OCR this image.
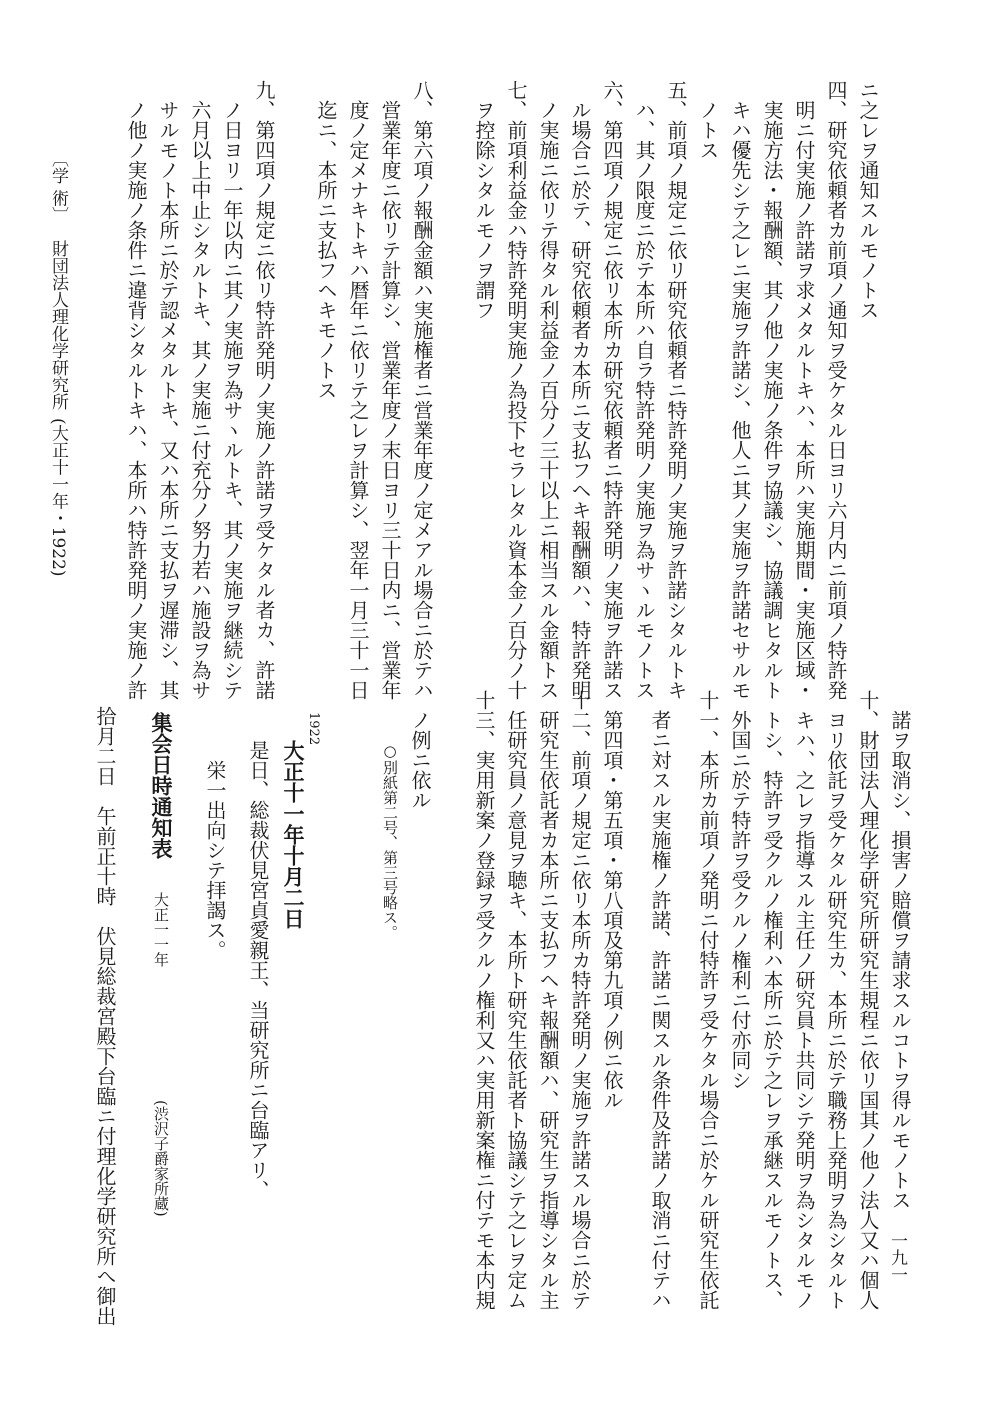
〔学 術〕
財団法人理化学研究所
(大正十一年・1922)
ニ之レヲ通知スルモノトス
四、研究依頼者カ前項ノ通知ヲ受ケタル日ヨリ六月内ニ前項ノ特許発
明ニ付実施ノ許諾ヲ求メタルトキハ、本所ハ実施期間・実施区域・
実施方法・報酬額、其ノ他ノ実施ノ条件ヲ協議シ、協議調ヒタルト
キハ優先シテ之レニ実施ヲ許諾シ、他人ニ其ノ実施ヲ許諾セサルモ
ノトス
五、前項ノ規定ニ依リ研究依頼者ニ特許発明ノ実施ヲ許諾シタルトキ
ハ、其ノ限度ニ於テ本所ハ自ラ特許発明ノ実施ヲ為サヽルモノトス
六、第四項ノ規定ニ依リ本所カ研究依頼者ニ特許発明ノ実施ヲ許諾ス
ル場合ニ於テ、研究依頼者カ本所ニ支払フヘキ報酬額ハ、特許発明
ノ実施ニ依リテ得タル利益金ノ百分ノ三十以上ニ相当スル金額トス
七、前項利益金ハ特許発明実施ノ為投下セラレタル資本金ノ百分ノ十
ヲ控除シタルモノヲ謂フ
八、第六項ノ報酬金額ハ実施権者ニ営業年度ノ定メアル場合ニ於テハ
営業年度ニ依リテ計算シ、営業年度ノ末日ヨリ三十日内ニ、営業年
度ノ定メナキトキハ暦年ニ依リテ之レヲ計算シ、翌年一月三十一日
迄ニ、本所ニ支払フヘキモノトス
九、第四項ノ規定ニ依リ特許発明ノ実施ノ許諾ヲ受ケタル者カ、許諾
ノ日ヨリ一年以内ニ其ノ実施ヲ為サヽルトキ、其ノ実施ヲ継続シテ
六月以上中止シタルトキ、其ノ実施ニ付充分ノ努力若ハ施設ヲ為サ
サルモノト本所ニ於テ認メタルトキ、又ハ本所ニ支払ヲ遅滞シ、其
ノ他ノ実施ノ条件ニ違背シタルトキハ、本所ハ特許発明ノ実施ノ許
諾ヲ取消シ、損害ノ賠償ヲ請求スルコトヲ得ルモノトス
十、財団法人理化学研究所研究生規程ニ依リ国其ノ他ノ法人又ハ個人
ヨリ依託ヲ受ケタル研究生カ、本所ニ於テ職務上発明ヲ為シタルト
キハ、之レヲ指導スル主任ノ研究員ト共同シテ発明ヲ為シタルモノ
トシ、特許ヲ受クルノ権利ハ本所ニ於テ之レヲ承継スルモノトス、
外国ニ於テ特許ヲ受クルノ権利ニ付亦同シ
十一、本所カ前項ノ発明ニ付特許ヲ受ケタル場合ニ於ケル研究生依託
者ニ対スル実施権ノ許諾、許諾ニ関スル条件及許諾ノ取消ニ付テハ
第四項・第五項・第八項及第九項ノ例ニ依ル
十二、前項ノ規定ニ依リ本所カ特許発明ノ実施ヲ許諾スル場合ニ於テ
研究生依託者カ本所ニ支払フヘキ報酬額ハ、研究生ヲ指導シタル主
任研究員ノ意見ヲ聴キ、本所ト研究生依託者ト協議シテ之レヲ定ム
十三、実用新案ノ登録ヲ受クルノ権利又ハ実用新案権ニ付テモ本内規
ノ例ニ依ル
○別紙第二号、第三号略ス。
1922
大正十一年十月二日
是日、総裁伏見宮貞愛親王、当研究所ニ台臨アリ、
栄一出向シテ拝謁ス。
集会日時通知表
大正一一年
(渋沢子爵家所蔵)
拾月二日　午前正十時　伏見総裁宮殿下台臨ニ付理化学研究所へ御出	一九一
